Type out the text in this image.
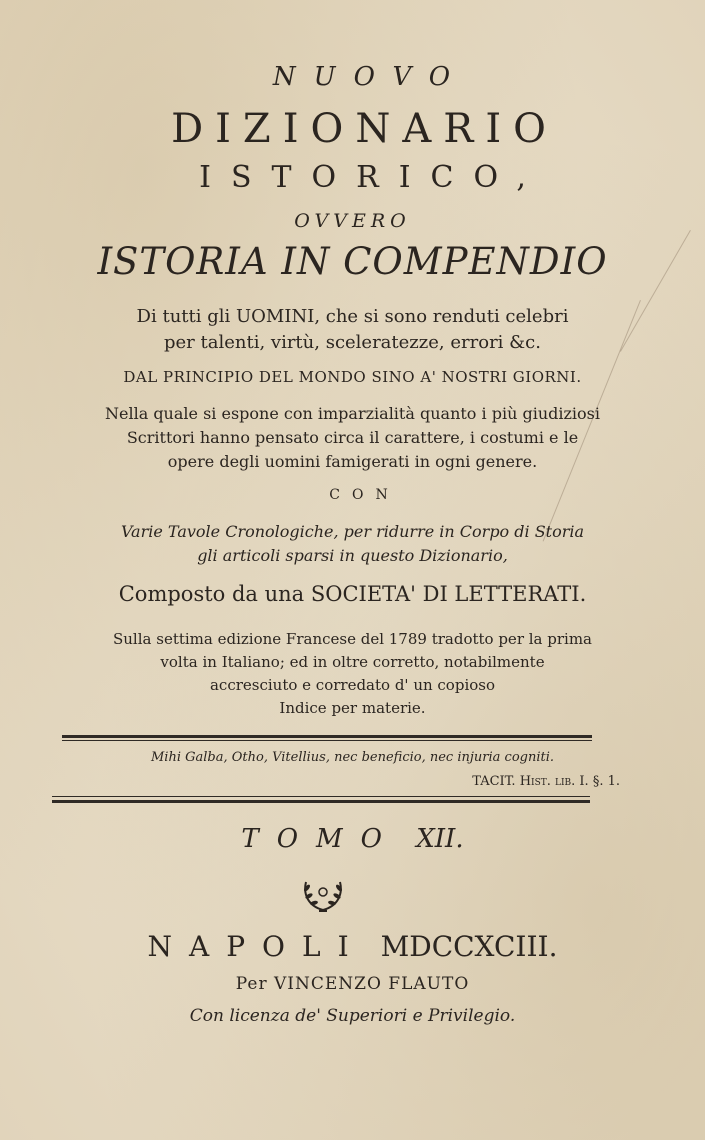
NUOVO
DIZIONARIO
ISTORICO,
OVVERO
ISTORIA IN COMPENDIO
Di tutti gli UOMINI, che si sono renduti celebri
per talenti, virtù, sceleratezze, errori &c.
DAL PRINCIPIO DEL MONDO SINO A' NOSTRI GIORNI.
Nella quale si espone con imparzialità quanto i più giudiziosi
Scrittori hanno pensato circa il carattere, i costumi e le
opere degli uomini famigerati in ogni genere.
CON
Varie Tavole Cronologiche, per ridurre in Corpo di Storia
gli articoli sparsi in questo Dizionario,
Composto da una SOCIETA' DI LETTERATI.
Sulla settima edizione Francese del 1789 tradotto per la prima
volta in Italiano; ed in oltre corretto, notabilmente
accresciuto e corredato d' un copioso
Indice per materie.
Mihi Galba, Otho, Vitellius, nec beneficio, nec injuria cogniti.
TACIT. Hist. lib. I. §. 1.
TOMO XII.
NAPOLI MDCCXCIII.
Per VINCENZO FLAUTO
Con licenza de' Superiori e Privilegio.
